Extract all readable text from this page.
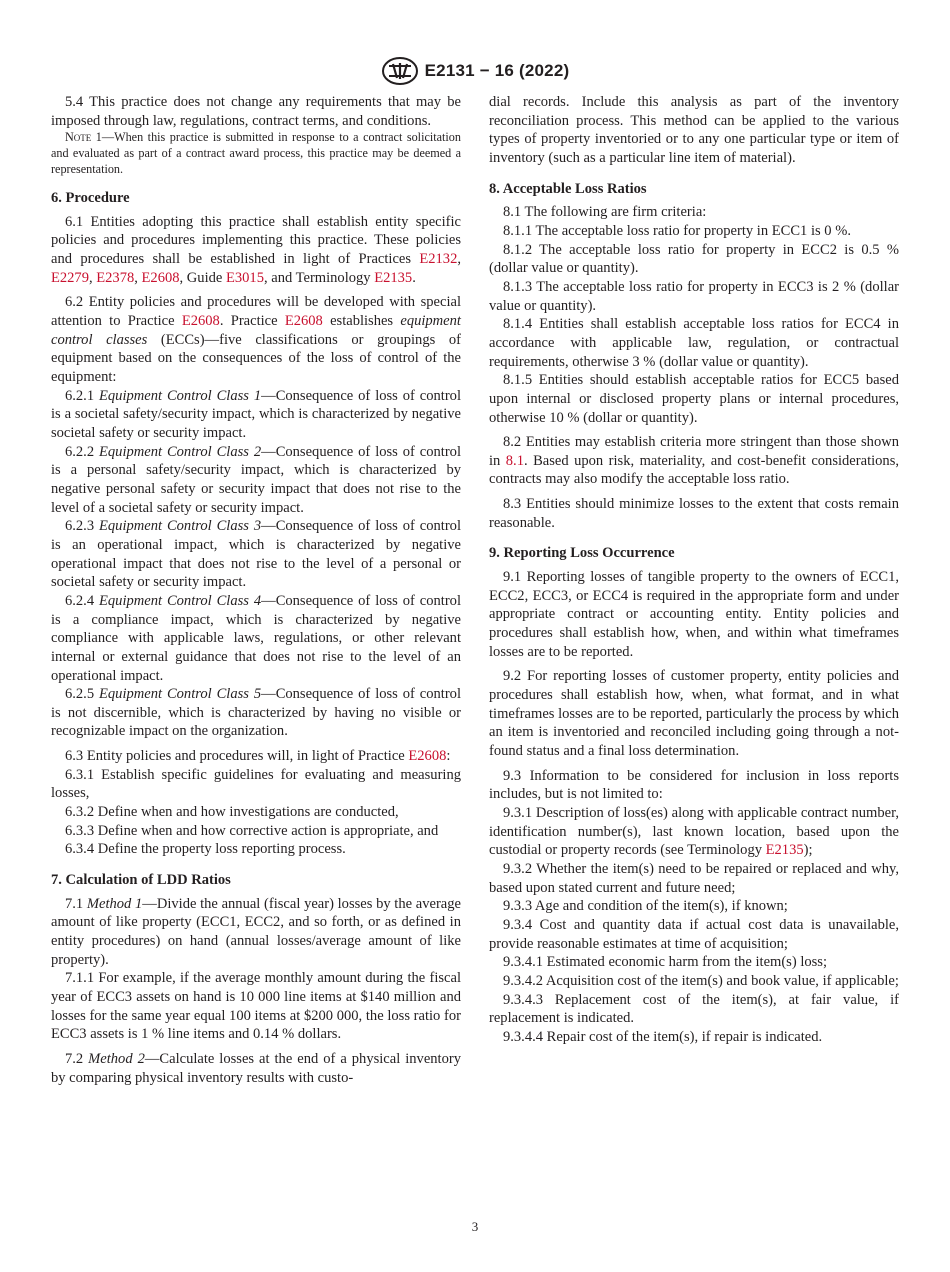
E2131 − 16 (2022)

5.4 This practice does not change any requirements that may be imposed through law, regulations, contract terms, and conditions.

Note 1—When this practice is submitted in response to a contract solicitation and evaluated as part of a contract award process, this practice may be deemed a representation.

6. Procedure

6.1 Entities adopting this practice shall establish entity specific policies and procedures implementing this practice. These policies and procedures shall be established in light of Practices E2132, E2279, E2378, E2608, Guide E3015, and Terminology E2135.

6.2 Entity policies and procedures will be developed with special attention to Practice E2608. Practice E2608 establishes equipment control classes (ECCs)—five classifications or groupings of equipment based on the consequences of the loss of control of the equipment:

6.2.1 Equipment Control Class 1—Consequence of loss of control is a societal safety/security impact, which is characterized by negative societal safety or security impact.

6.2.2 Equipment Control Class 2—Consequence of loss of control is a personal safety/security impact, which is characterized by negative personal safety or security impact that does not rise to the level of a societal safety or security impact.

6.2.3 Equipment Control Class 3—Consequence of loss of control is an operational impact, which is characterized by negative operational impact that does not rise to the level of a personal or societal safety or security impact.

6.2.4 Equipment Control Class 4—Consequence of loss of control is a compliance impact, which is characterized by negative compliance with applicable laws, regulations, or other relevant internal or external guidance that does not rise to the level of an operational impact.

6.2.5 Equipment Control Class 5—Consequence of loss of control is not discernible, which is characterized by having no visible or recognizable impact on the organization.

6.3 Entity policies and procedures will, in light of Practice E2608:

6.3.1 Establish specific guidelines for evaluating and measuring losses,

6.3.2 Define when and how investigations are conducted,

6.3.3 Define when and how corrective action is appropriate, and

6.3.4 Define the property loss reporting process.

7. Calculation of LDD Ratios

7.1 Method 1—Divide the annual (fiscal year) losses by the average amount of like property (ECC1, ECC2, and so forth, or as defined in entity procedures) on hand (annual losses/average amount of like property).

7.1.1 For example, if the average monthly amount during the fiscal year of ECC3 assets on hand is 10 000 line items at $140 million and losses for the same year equal 100 items at $200 000, the loss ratio for ECC3 assets is 1 % line items and 0.14 % dollars.

7.2 Method 2—Calculate losses at the end of a physical inventory by comparing physical inventory results with custo-

dial records. Include this analysis as part of the inventory reconciliation process. This method can be applied to the various types of property inventoried or to any one particular type or item of inventory (such as a particular line item of material).

8. Acceptable Loss Ratios

8.1 The following are firm criteria:

8.1.1 The acceptable loss ratio for property in ECC1 is 0 %.

8.1.2 The acceptable loss ratio for property in ECC2 is 0.5 % (dollar value or quantity).

8.1.3 The acceptable loss ratio for property in ECC3 is 2 % (dollar value or quantity).

8.1.4 Entities shall establish acceptable loss ratios for ECC4 in accordance with applicable law, regulation, or contractual requirements, otherwise 3 % (dollar value or quantity).

8.1.5 Entities should establish acceptable ratios for ECC5 based upon internal or disclosed property plans or internal procedures, otherwise 10 % (dollar or quantity).

8.2 Entities may establish criteria more stringent than those shown in 8.1. Based upon risk, materiality, and cost-benefit considerations, contracts may also modify the acceptable loss ratio.

8.3 Entities should minimize losses to the extent that costs remain reasonable.

9. Reporting Loss Occurrence

9.1 Reporting losses of tangible property to the owners of ECC1, ECC2, ECC3, or ECC4 is required in the appropriate form and under appropriate contract or accounting entity. Entity policies and procedures shall establish how, when, and within what timeframes losses are to be reported.

9.2 For reporting losses of customer property, entity policies and procedures shall establish how, when, what format, and in what timeframes losses are to be reported, particularly the process by which an item is inventoried and reconciled including going through a not-found status and a final loss determination.

9.3 Information to be considered for inclusion in loss reports includes, but is not limited to:

9.3.1 Description of loss(es) along with applicable contract number, identification number(s), last known location, based upon the custodial or property records (see Terminology E2135);

9.3.2 Whether the item(s) need to be repaired or replaced and why, based upon stated current and future need;

9.3.3 Age and condition of the item(s), if known;

9.3.4 Cost and quantity data if actual cost data is unavailable, provide reasonable estimates at time of acquisition;

9.3.4.1 Estimated economic harm from the item(s) loss;

9.3.4.2 Acquisition cost of the item(s) and book value, if applicable;

9.3.4.3 Replacement cost of the item(s), at fair value, if replacement is indicated.

9.3.4.4 Repair cost of the item(s), if repair is indicated.

3
